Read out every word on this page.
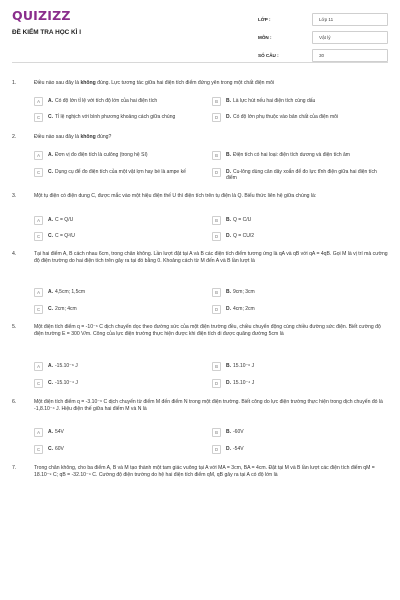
QUIZIZZ
ĐỀ KIỂM TRA HỌC KÌ I
LỚP :	Lớp 11
MÔN :	Vật lý
SỐ CÂU :	30
1.	Điều nào sau đây là không đúng. Lực tương tác giữa hai điện tích điểm đứng yên trong một chất điện môi
A	A. Có độ lớn tỉ lệ với tích độ lớn của hai điện tích	B	B. Là lực hút nếu hai điện tích cùng dấu
C	C. Tỉ lệ nghịch với bình phương khoảng cách giữa chúng	D	D. Có độ lớn phụ thuộc vào bản chất của điện môi
2.	Điều nào sau đây là không đúng?
A	A. Đơn vị đo điện tích là culông (trong hệ SI)	B	B. Điện tích có hai loại: điện tích dương và điện tích âm
C	C. Dụng cụ để đo điện tích của một vật lợn hay bé là ampe kế	D	D. Cu-lông dùng cân dây xoắn để đo lực tĩnh điện giữa hai điện tích điểm
3.	Một tụ điện có điện dung C, được mắc vào một hiệu điện thế U thì điện tích trên tụ điện là Q. Biểu thức liên hệ giữa chúng là:
A	A. C = Q/U	B	B. Q = C/U
C	C. C = Q²/U	D	D. Q = CU/2
4.	Tại hai điểm A, B cách nhau 6cm, trong chân không. Lần lượt đặt tại A và B các điện tích điểm tương ứng là qA và qB với qA = 4qB. Gọi M là vị trí mà cường độ điện trường do hai điện tích trên gây ra tại đó bằng 0. Khoảng cách từ M đến A và B lần lượt là
A	A. 4,5cm; 1,5cm	B	B. 9cm; 3cm
C	C. 2cm; 4cm	D	D. 4cm; 2cm
5.	Một điện tích điểm q = -10⁻⁶ C dịch chuyển dọc theo đường sức của một điện trường đều, chiều chuyển động cùng chiều đường sức điện. Biết cường độ điện trường E = 300 V/m. Công của lực điện trường thực hiện được khi điện tích di được quãng đường 5cm là
A	A. -15.10⁻⁶ J	B	B. 15.10⁻⁶ J
C	C. -15.10⁻⁴ J	D	D. 15.10⁻⁴ J
6.	Một điện tích điểm q = -3.10⁻⁶ C dịch chuyển từ điểm M đến điểm N trong một điện trường. Biết công do lực điện trường thực hiện trong dịch chuyển đó là -1,8.10⁻⁴ J. Hiệu điện thế giữa hai điểm M và N là
A	A. 54V	B	B. -60V
C	C. 60V	D	D. -54V
7.	Trong chân không, cho ba điểm A, B và M tạo thành một tam giác vuông tại A với MA = 3cm, BA = 4cm. Đặt tại M và B lần lượt các điện tích điểm qM = 18.10⁻⁹ C; qB = -32.10⁻⁹ C. Cường độ điện trường do hệ hai điện tích điểm qM, qB gây ra tại A có độ lớn là
